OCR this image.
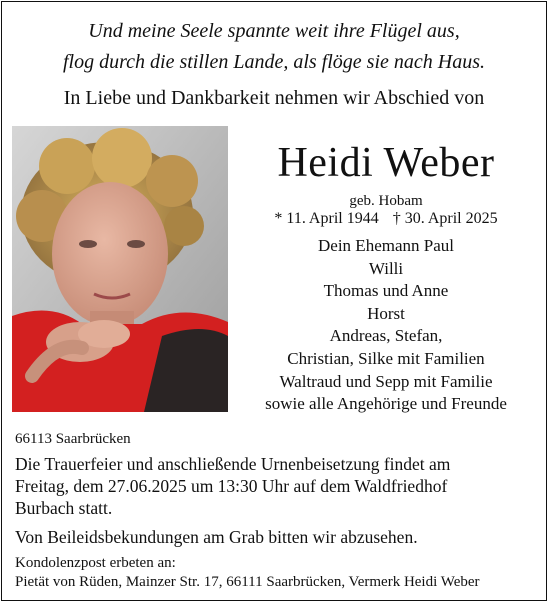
Und meine Seele spannte weit ihre Flügel aus,
flog durch die stillen Lande, als flöge sie nach Haus.
In Liebe und Dankbarkeit nehmen wir Abschied von
Heidi Weber
geb. Hobam
* 11. April 1944 † 30. April 2025
Dein Ehemann Paul
Willi
Thomas und Anne
Horst
Andreas, Stefan,
Christian, Silke mit Familien
Waltraud und Sepp mit Familie
sowie alle Angehörige und Freunde
66113 Saarbrücken
Die Trauerfeier und anschließende Urnenbeisetzung findet am
Freitag, dem 27.06.2025 um 13:30 Uhr auf dem Waldfriedhof
Burbach statt.
Von Beileidsbekundungen am Grab bitten wir abzusehen.
Kondolenzpost erbeten an:
Pietät von Rüden, Mainzer Str. 17, 66111 Saarbrücken, Vermerk Heidi Weber
